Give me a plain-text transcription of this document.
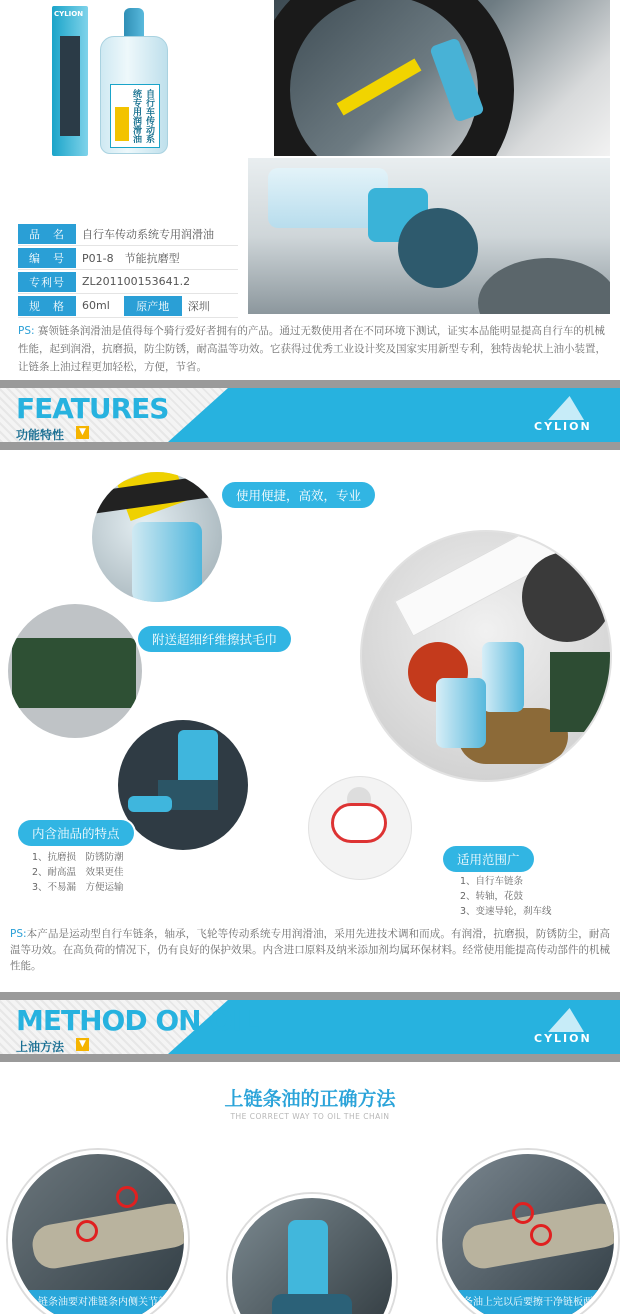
CYLION
自行车传动系统专用润滑油
品　名	自行车传动系统专用润滑油
编　号	P01-8　节能抗磨型
专利号	ZL201100153641.2
规　格	60ml	原产地	深圳

PS: 赛领链条润滑油是值得每个骑行爱好者拥有的产品。通过无数使用者在不同环境下测试，证实本品能明显提高自行车的机械性能，起到润滑，抗磨损，防尘防锈，耐高温等功效。它获得过优秀工业设计奖及国家实用新型专利，独特齿轮状上油小装置，让链条上油过程更加轻松，方便，节省。

FEATURES
功能特性	▼	CYLION
使用便捷，高效，专业
附送超细纤维擦拭毛巾
内含油品的特点
适用范围广
1、抗磨损　防锈防潮
2、耐高温　效果更佳
3、不易漏　方便运输
1、自行车链条
2、转轴，花鼓
3、变速导轮，刹车线

PS:本产品是运动型自行车链条，轴承，飞轮等传动系统专用润滑油，采用先进技术调和而成。有润滑，抗磨损，防锈防尘，耐高温等功效。在高负荷的情况下，仍有良好的保护效果。内含进口原料及纳米添加剂均属环保材料。经常使用能提高传动部件的机械性能。

METHOD ON OIL
上油方法	▼	CYLION
上链条油的正确方法
THE CORRECT WAY TO OIL THE CHAIN
上链条油要对准链条内侧关节部	链条油上完以后要擦干净链板两侧
